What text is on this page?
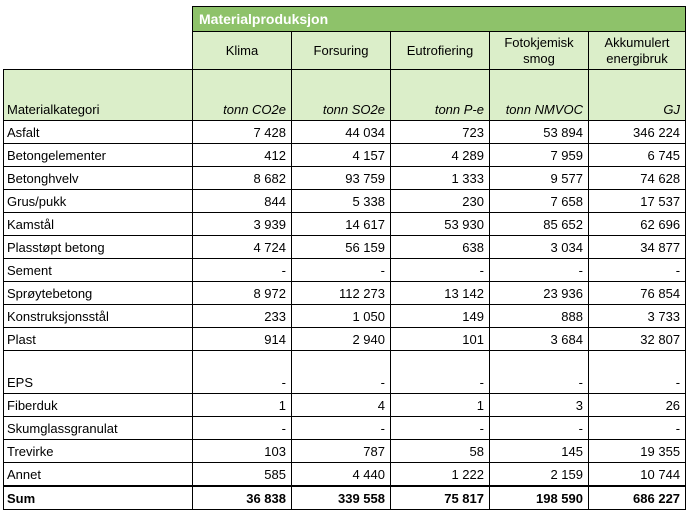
	Materialproduksjon				
	Klima	Forsuring	Eutrofiering	Fotokjemisk smog	Akkumulert energibruk
Materialkategori	tonn CO2e	tonn SO2e	tonn P-e	tonn NMVOC	GJ
Asfalt	7 428	44 034	723	53 894	346 224
Betongelementer	412	4 157	4 289	7 959	6 745
Betonghvelv	8 682	93 759	1 333	9 577	74 628
Grus/pukk	844	5 338	230	7 658	17 537
Kamstål	3 939	14 617	53 930	85 652	62 696
Plasstøpt betong	4 724	56 159	638	3 034	34 877
Sement	-	-	-	-	-
Sprøytebetong	8 972	112 273	13 142	23 936	76 854
Konstruksjonsstål	233	1 050	149	888	3 733
Plast	914	2 940	101	3 684	32 807
EPS	-	-	-	-	-
Fiberduk	1	4	1	3	26
Skumglassgranulat	-	-	-	-	-
Trevirke	103	787	58	145	19 355
Annet	585	4 440	1 222	2 159	10 744
Sum	36 838	339 558	75 817	198 590	686 227
